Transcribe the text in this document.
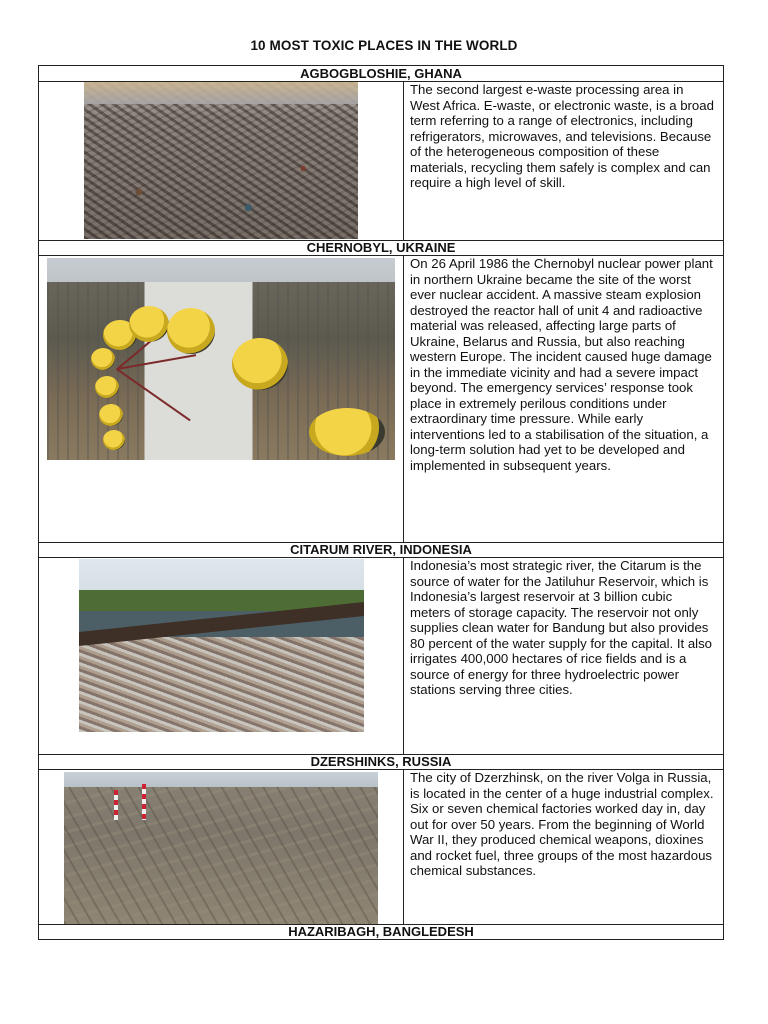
10 MOST TOXIC PLACES IN THE WORLD
AGBOGBLOSHIE, GHANA
The second largest e-waste processing area in West Africa. E-waste, or electronic waste, is a broad term referring to a range of electronics, including refrigerators, microwaves, and televisions. Because of the heterogeneous composition of these materials, recycling them safely is complex and can require a high level of skill.
CHERNOBYL, UKRAINE
On 26 April 1986 the Chernobyl nuclear power plant in northern Ukraine became the site of the worst ever nuclear accident. A massive steam explosion destroyed the reactor hall of unit 4 and radioactive material was released, affecting large parts of Ukraine, Belarus and Russia, but also reaching western Europe. The incident caused huge damage in the immediate vicinity and had a severe impact beyond. The emergency services’ response took place in extremely perilous conditions under extraordinary time pressure. While early interventions led to a stabilisation of the situation, a long-term solution had yet to be developed and implemented in subsequent years.
CITARUM RIVER, INDONESIA
Indonesia’s most strategic river, the Citarum is the source of water for the Jatiluhur Reservoir, which is Indonesia’s largest reservoir at 3 billion cubic meters of storage capacity. The reservoir not only supplies clean water for Bandung but also provides 80 percent of the water supply for the capital. It also irrigates 400,000 hectares of rice fields and is a source of energy for three hydroelectric power stations serving three cities.
DZERSHINKS, RUSSIA
The city of Dzerzhinsk, on the river Volga in Russia, is located in the center of a huge industrial complex. Six or seven chemical factories worked day in, day out for over 50 years. From the beginning of World War II, they produced chemical weapons, dioxines and rocket fuel, three groups of the most hazardous chemical substances.
HAZARIBAGH, BANGLEDESH
